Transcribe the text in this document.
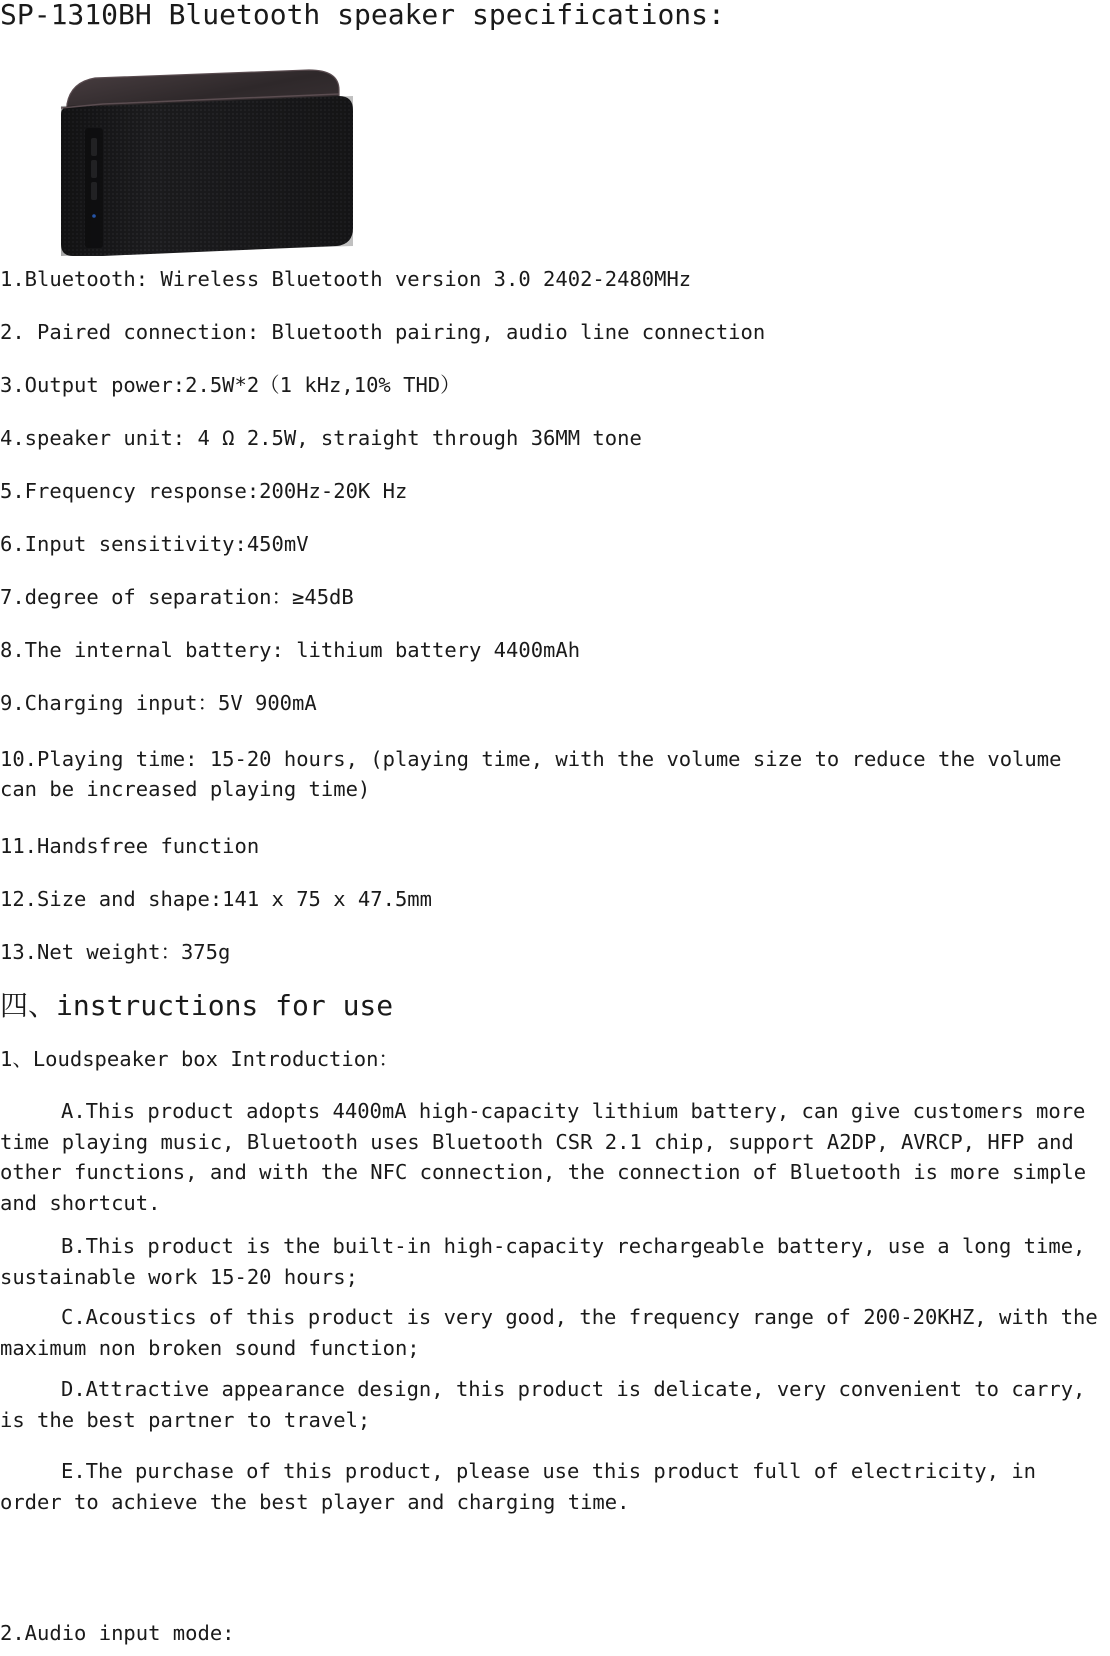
SP-1310BH Bluetooth speaker specifications:
1.Bluetooth: Wireless Bluetooth version 3.0 2402-2480MHz
2. Paired connection: Bluetooth pairing, audio line connection
3.Output power:2.5W*2（1 kHz,10% THD）
4.speaker unit: 4 Ω 2.5W, straight through 36MM tone
5.Frequency response:200Hz-20K Hz
6.Input sensitivity:450mV
7.degree of separation：≥45dB
8.The internal battery: lithium battery 4400mAh
9.Charging input：5V 900mA
10.Playing time: 15-20 hours, (playing time, with the volume size to reduce the volume can be increased playing time)
11.Handsfree function
12.Size and shape:141 x 75 x 47.5mm
13.Net weight：375g
四、instructions for use
1、Loudspeaker box Introduction：
A.This product adopts 4400mA high-capacity lithium battery, can give customers more time playing music, Bluetooth uses Bluetooth CSR 2.1 chip, support A2DP, AVRCP, HFP and other functions, and with the NFC connection, the connection of Bluetooth is more simple and shortcut.
B.This product is the built-in high-capacity rechargeable battery, use a long time, sustainable work 15-20 hours;
C.Acoustics of this product is very good, the frequency range of 200-20KHZ, with the maximum non broken sound function;
D.Attractive appearance design, this product is delicate, very convenient to carry, is the best partner to travel;
E.The purchase of this product, please use this product full of electricity, in order to achieve the best player and charging time.
2.Audio input mode:
